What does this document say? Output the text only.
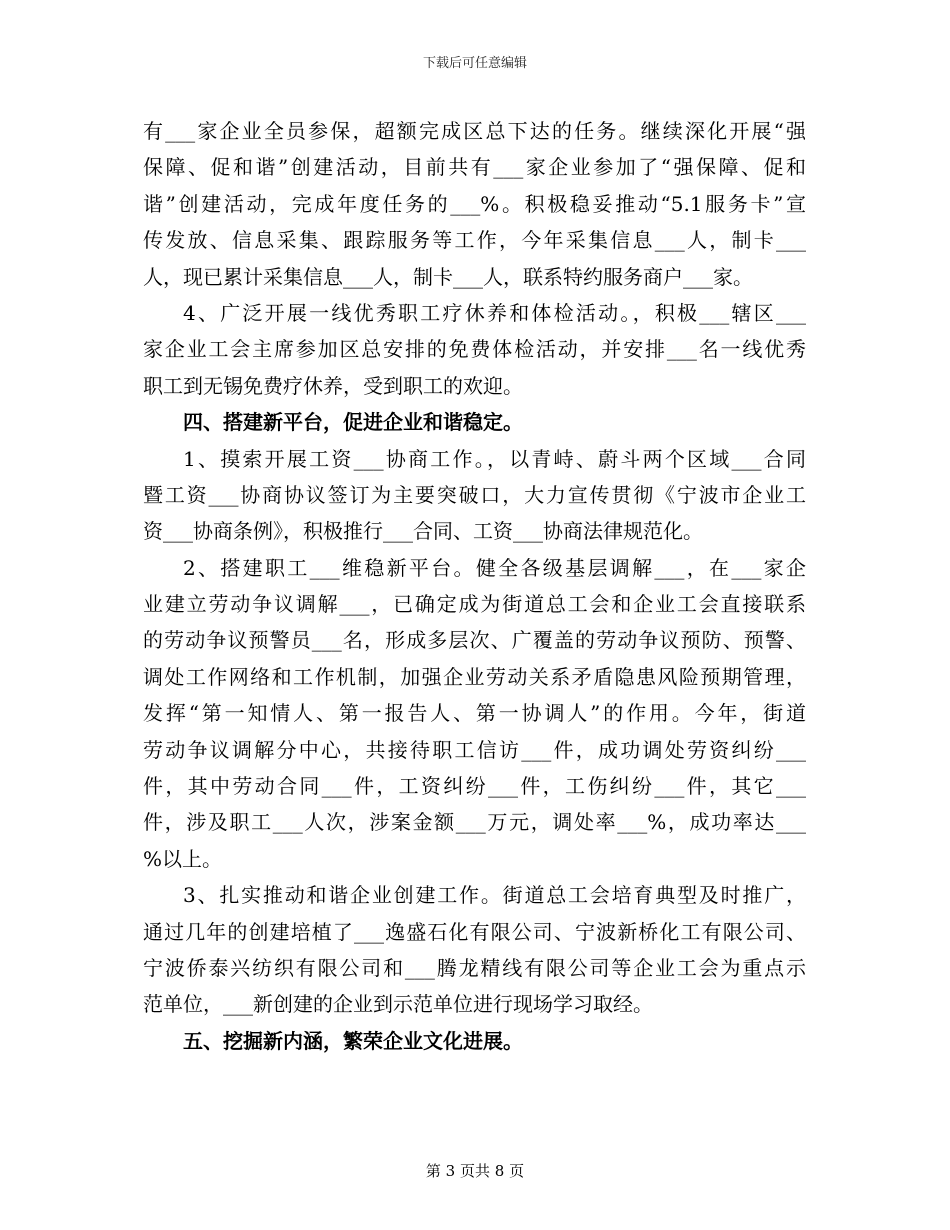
下载后可任意编辑
有___家企业全员参保，超额完成区总下达的任务。继续深化开展“强
保障、促和谐”创建活动，目前共有___家企业参加了“强保障、促和
谐”创建活动，完成年度任务的___%。积极稳妥推动“5.1服务卡”宣
传发放、信息采集、跟踪服务等工作，今年采集信息___人，制卡___
人，现已累计采集信息___人，制卡___人，联系特约服务商户___家。
4、广泛开展一线优秀职工疗休养和体检活动。，积极___辖区___
家企业工会主席参加区总安排的免费体检活动，并安排___名一线优秀
职工到无锡免费疗休养，受到职工的欢迎。
四、搭建新平台，促进企业和谐稳定。
1、摸索开展工资___协商工作。，以青峙、蔚斗两个区域___合同
暨工资___协商协议签订为主要突破口，大力宣传贯彻《宁波市企业工
资___协商条例》，积极推行___合同、工资___协商法律规范化。
2、搭建职工___维稳新平台。健全各级基层调解___，在___家企
业建立劳动争议调解___，已确定成为街道总工会和企业工会直接联系
的劳动争议预警员___名，形成多层次、广覆盖的劳动争议预防、预警、
调处工作网络和工作机制，加强企业劳动关系矛盾隐患风险预期管理，
发挥“第一知情人、第一报告人、第一协调人”的作用。今年，街道
劳动争议调解分中心，共接待职工信访___件，成功调处劳资纠纷___
件，其中劳动合同___件，工资纠纷___件，工伤纠纷___件，其它___
件，涉及职工___人次，涉案金额___万元，调处率___%，成功率达___
%以上。
3、扎实推动和谐企业创建工作。街道总工会培育典型及时推广，
通过几年的创建培植了___逸盛石化有限公司、宁波新桥化工有限公司、
宁波侨泰兴纺织有限公司和___腾龙精线有限公司等企业工会为重点示
范单位，___新创建的企业到示范单位进行现场学习取经。
五、挖掘新内涵，繁荣企业文化进展。
第 3 页共 8 页
